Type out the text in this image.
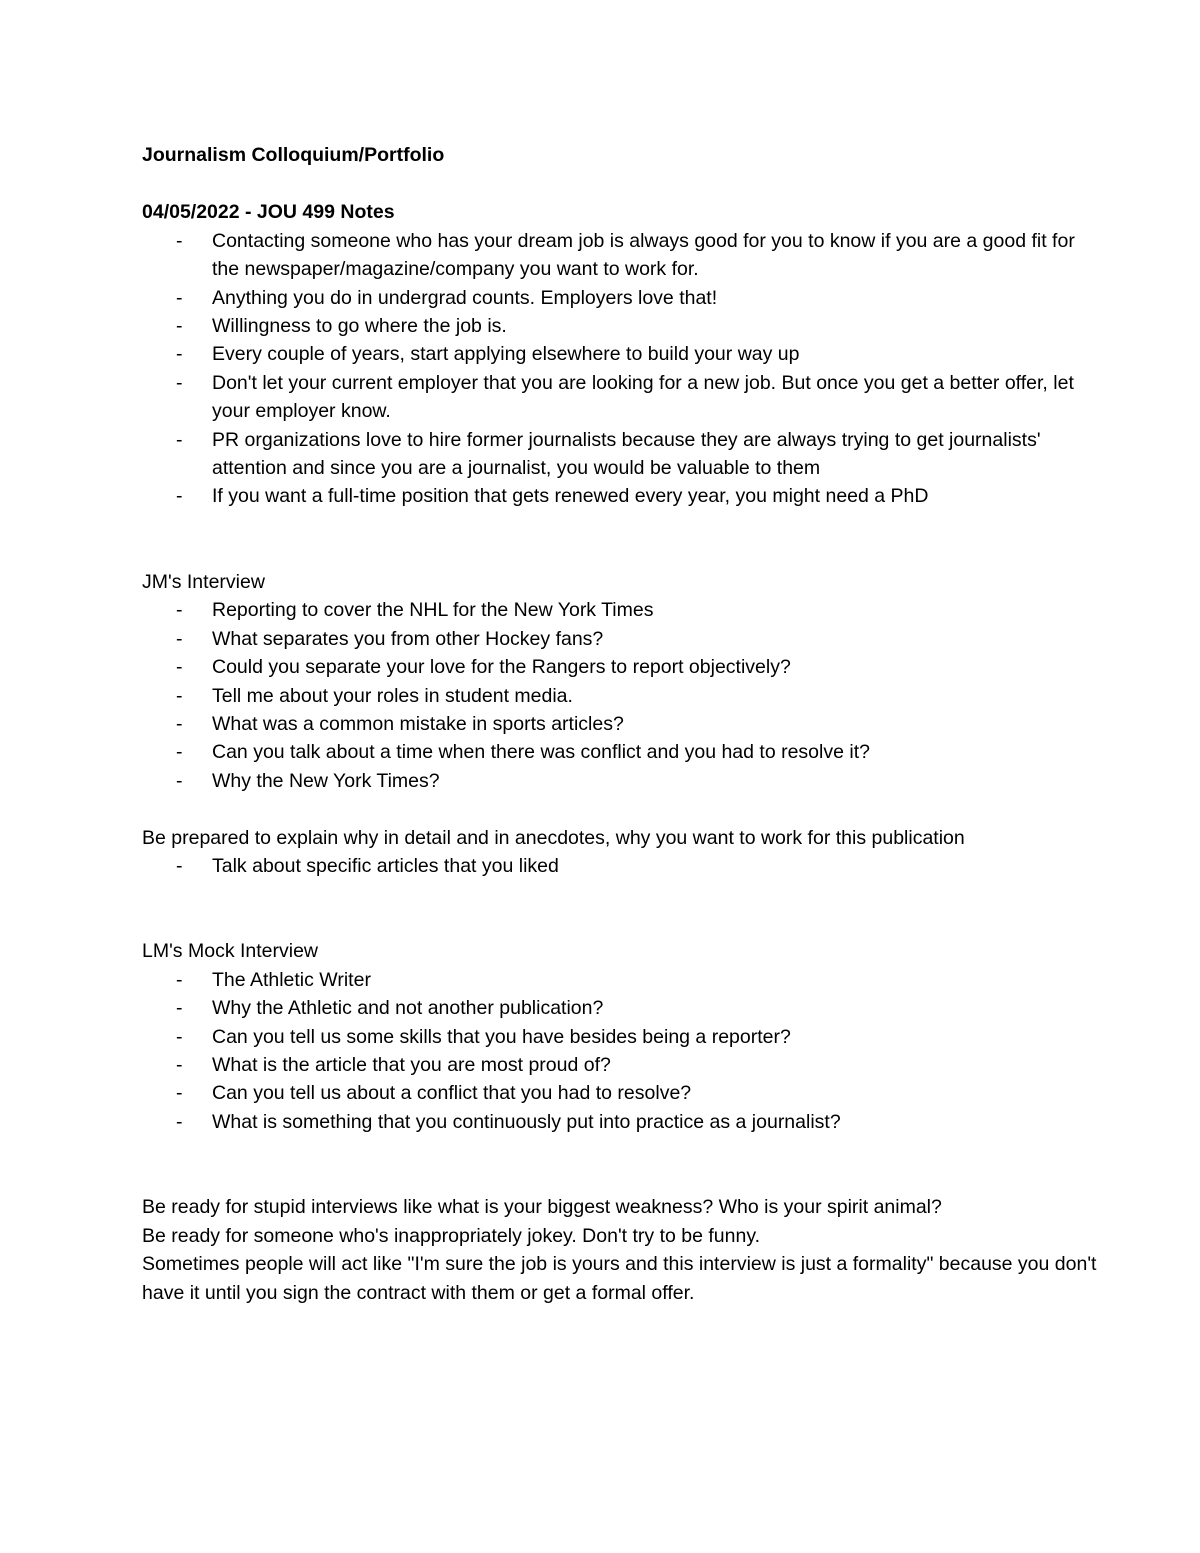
Journalism Colloquium/Portfolio

04/05/2022 - JOU 499 Notes

- Contacting someone who has your dream job is always good for you to know if you are a good fit for the newspaper/magazine/company you want to work for.
- Anything you do in undergrad counts. Employers love that!
- Willingness to go where the job is.
- Every couple of years, start applying elsewhere to build your way up
- Don't let your current employer that you are looking for a new job. But once you get a better offer, let your employer know.
- PR organizations love to hire former journalists because they are always trying to get journalists' attention and since you are a journalist, you would be valuable to them
- If you want a full-time position that gets renewed every year, you might need a PhD

JM's Interview

- Reporting to cover the NHL for the New York Times
- What separates you from other Hockey fans?
- Could you separate your love for the Rangers to report objectively?
- Tell me about your roles in student media.
- What was a common mistake in sports articles?
- Can you talk about a time when there was conflict and you had to resolve it?
- Why the New York Times?

Be prepared to explain why in detail and in anecdotes, why you want to work for this publication

- Talk about specific articles that you liked

LM's Mock Interview

- The Athletic Writer
- Why the Athletic and not another publication?
- Can you tell us some skills that you have besides being a reporter?
- What is the article that you are most proud of?
- Can you tell us about a conflict that you had to resolve?
- What is something that you continuously put into practice as a journalist?

Be ready for stupid interviews like what is your biggest weakness? Who is your spirit animal?

Be ready for someone who's inappropriately jokey. Don't try to be funny.

Sometimes people will act like "I'm sure the job is yours and this interview is just a formality" because you don't have it until you sign the contract with them or get a formal offer.
